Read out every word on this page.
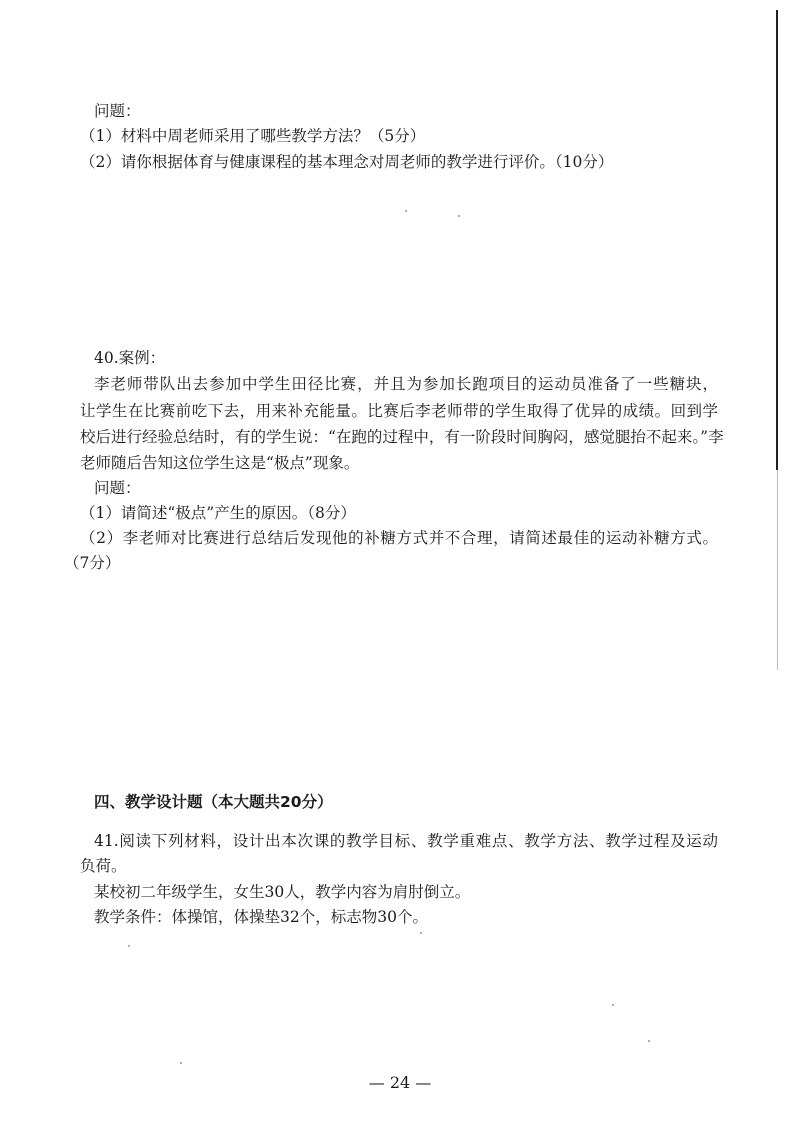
问题：
（1）材料中周老师采用了哪些教学方法？（5分）
（2）请你根据体育与健康课程的基本理念对周老师的教学进行评价。（10分）
40.案例：
李老师带队出去参加中学生田径比赛，并且为参加长跑项目的运动员准备了一些糖块，
让学生在比赛前吃下去，用来补充能量。比赛后李老师带的学生取得了优异的成绩。回到学
校后进行经验总结时，有的学生说：“在跑的过程中，有一阶段时间胸闷，感觉腿抬不起来。”李
老师随后告知这位学生这是“极点”现象。
问题：
（1）请简述“极点”产生的原因。（8分）
（2）李老师对比赛进行总结后发现他的补糖方式并不合理，请简述最佳的运动补糖方式。
（7分）
四、教学设计题（本大题共20分）
41.阅读下列材料，设计出本次课的教学目标、教学重难点、教学方法、教学过程及运动
负荷。
某校初二年级学生，女生30人，教学内容为肩肘倒立。
教学条件：体操馆，体操垫32个，标志物30个。
— 24 —
